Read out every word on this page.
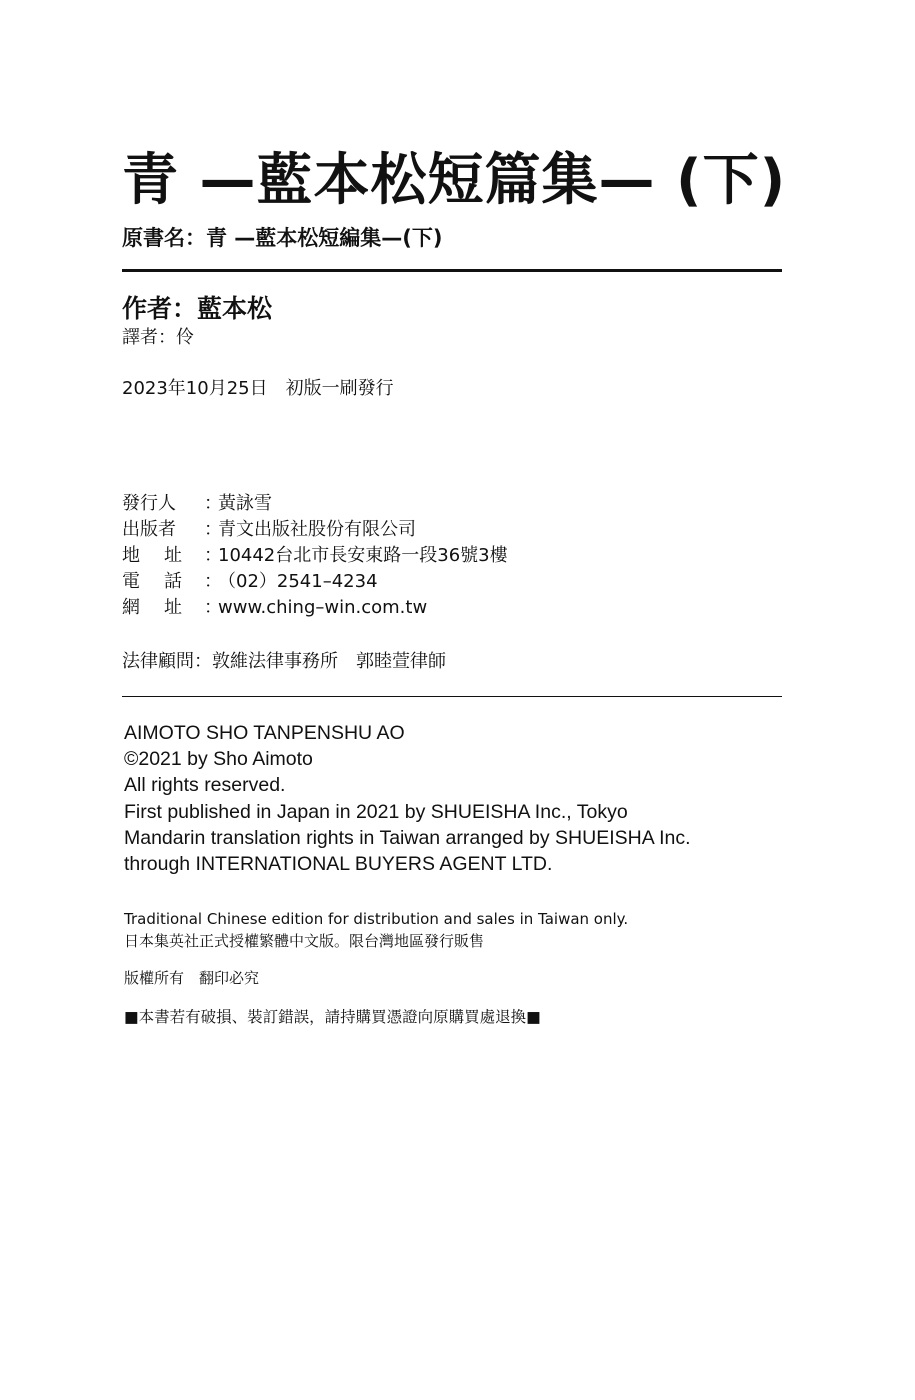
青 —藍本松短篇集— (下)
原書名：青 —藍本松短編集—(下)
作者：藍本松
譯者：伶
2023年10月25日　初版一刷發行
發行人 ：
黃詠雪
出版者 ：
青文出版社股份有限公司
地 址 ：
10442台北市長安東路一段36號3樓
電 話 ：
（02）2541–4234
網 址 ：
www.ching–win.com.tw
法律顧問：敦維法律事務所　郭睦萱律師
AIMOTO SHO TANPENSHU AO
©2021 by Sho Aimoto
All rights reserved.
First published in Japan in 2021 by SHUEISHA Inc., Tokyo
Mandarin translation rights in Taiwan arranged by SHUEISHA Inc.
through INTERNATIONAL BUYERS AGENT LTD.
Traditional Chinese edition for distribution and sales in Taiwan only.
日本集英社正式授權繁體中文版。限台灣地區發行販售
版權所有　翻印必究
■本書若有破損、裝訂錯誤，請持購買憑證向原購買處退換■
